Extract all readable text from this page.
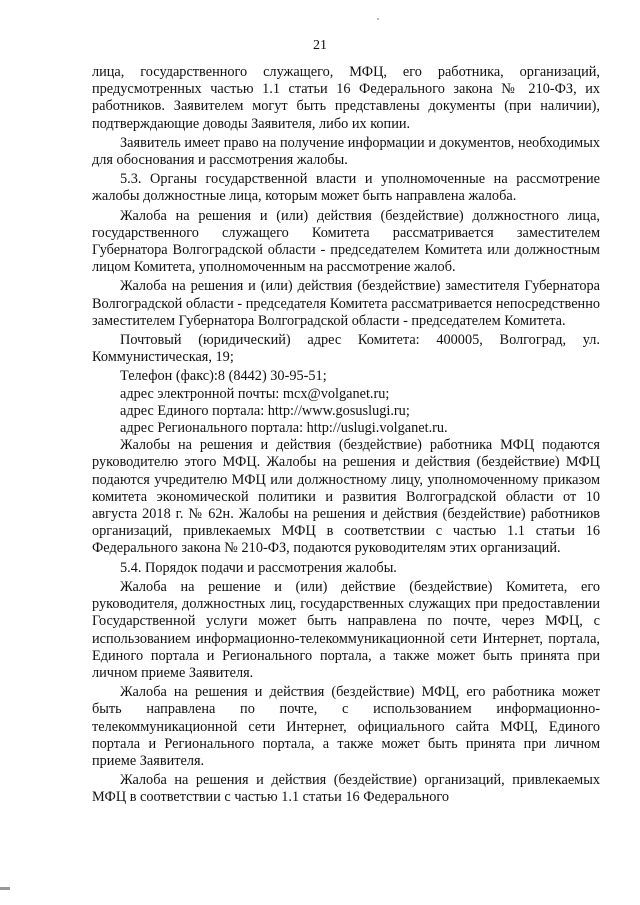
21

лица, государственного служащего, МФЦ, его работника, организаций, предусмотренных частью 1.1 статьи 16 Федерального закона № 210-ФЗ, их работников. Заявителем могут быть представлены документы (при наличии), подтверждающие доводы Заявителя, либо их копии.

Заявитель имеет право на получение информации и документов, необходимых для обоснования и рассмотрения жалобы.

5.3. Органы государственной власти и уполномоченные на рассмотрение жалобы должностные лица, которым может быть направлена жалоба.

Жалоба на решения и (или) действия (бездействие) должностного лица, государственного служащего Комитета рассматривается заместителем Губернатора Волгоградской области - председателем Комитета или должностным лицом Комитета, уполномоченным на рассмотрение жалоб.

Жалоба на решения и (или) действия (бездействие) заместителя Губернатора Волгоградской области - председателя Комитета рассматривается непосредственно заместителем Губернатора Волгоградской области - председателем Комитета.

Почтовый (юридический) адрес Комитета: 400005, Волгоград, ул. Коммунистическая, 19;

Телефон (факс):8 (8442) 30-95-51;

адрес электронной почты: mcx@volganet.ru;

адрес Единого портала: http://www.gosuslugi.ru;

адрес Регионального портала: http://uslugi.volganet.ru.

Жалобы на решения и действия (бездействие) работника МФЦ подаются руководителю этого МФЦ. Жалобы на решения и действия (бездействие) МФЦ подаются учредителю МФЦ или должностному лицу, уполномоченному приказом комитета экономической политики и развития Волгоградской области от 10 августа 2018 г. № 62н. Жалобы на решения и действия (бездействие) работников организаций, привлекаемых МФЦ в соответствии с частью 1.1 статьи 16 Федерального закона № 210-ФЗ, подаются руководителям этих организаций.

5.4. Порядок подачи и рассмотрения жалобы.

Жалоба на решение и (или) действие (бездействие) Комитета, его руководителя, должностных лиц, государственных служащих при предоставлении Государственной услуги может быть направлена по почте, через МФЦ, с использованием информационно-телекоммуникационной сети Интернет, портала, Единого портала и Регионального портала, а также может быть принята при личном приеме Заявителя.

Жалоба на решения и действия (бездействие) МФЦ, его работника может быть направлена по почте, с использованием информационно-телекоммуникационной сети Интернет, официального сайта МФЦ, Единого портала и Регионального портала, а также может быть принята при личном приеме Заявителя.

Жалоба на решения и действия (бездействие) организаций, привлекаемых МФЦ в соответствии с частью 1.1 статьи 16 Федерального
